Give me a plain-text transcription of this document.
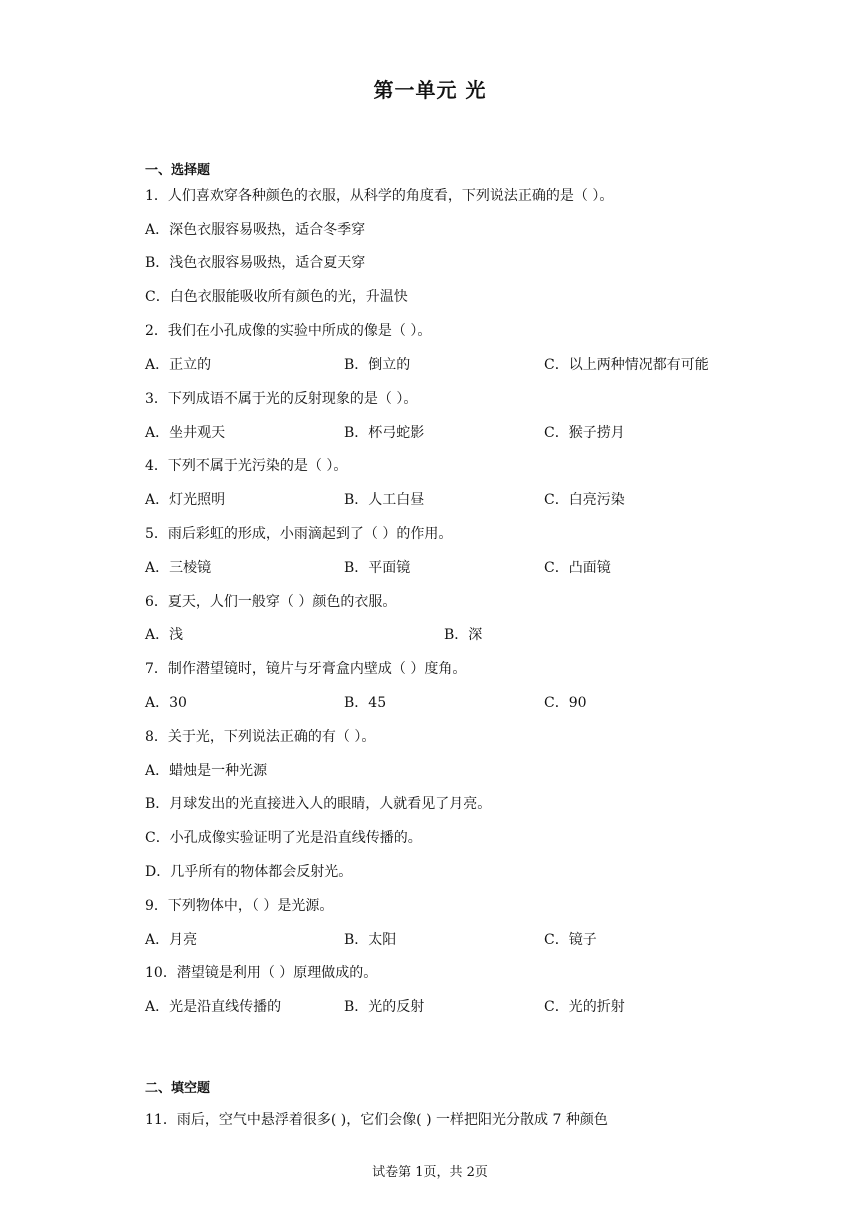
第一单元 光
一、选择题
1．人们喜欢穿各种颜色的衣服，从科学的角度看，下列说法正确的是（ ）。
A．深色衣服容易吸热，适合冬季穿
B．浅色衣服容易吸热，适合夏天穿
C．白色衣服能吸收所有颜色的光，升温快
2．我们在小孔成像的实验中所成的像是（ ）。
A．正立的	B．倒立的	C．以上两种情况都有可能
3．下列成语不属于光的反射现象的是（ ）。
A．坐井观天	B．杯弓蛇影	C．猴子捞月
4．下列不属于光污染的是（ ）。
A．灯光照明	B．人工白昼	C．白亮污染
5．雨后彩虹的形成，小雨滴起到了（ ）的作用。
A．三棱镜	B．平面镜	C．凸面镜
6．夏天，人们一般穿（ ）颜色的衣服。
A．浅	B．深
7．制作潜望镜时，镜片与牙膏盒内壁成（ ）度角。
A．30	B．45	C．90
8．关于光，下列说法正确的有（ ）。
A．蜡烛是一种光源
B．月球发出的光直接进入人的眼睛，人就看见了月亮。
C．小孔成像实验证明了光是沿直线传播的。
D．几乎所有的物体都会反射光。
9．下列物体中，（ ）是光源。
A．月亮	B．太阳	C．镜子
10．潜望镜是利用（ ）原理做成的。
A．光是沿直线传播的	B．光的反射	C．光的折射
二、填空题
11．雨后，空气中悬浮着很多( )，它们会像( ) 一样把阳光分散成 7 种颜色
试卷第 1页，共 2页
